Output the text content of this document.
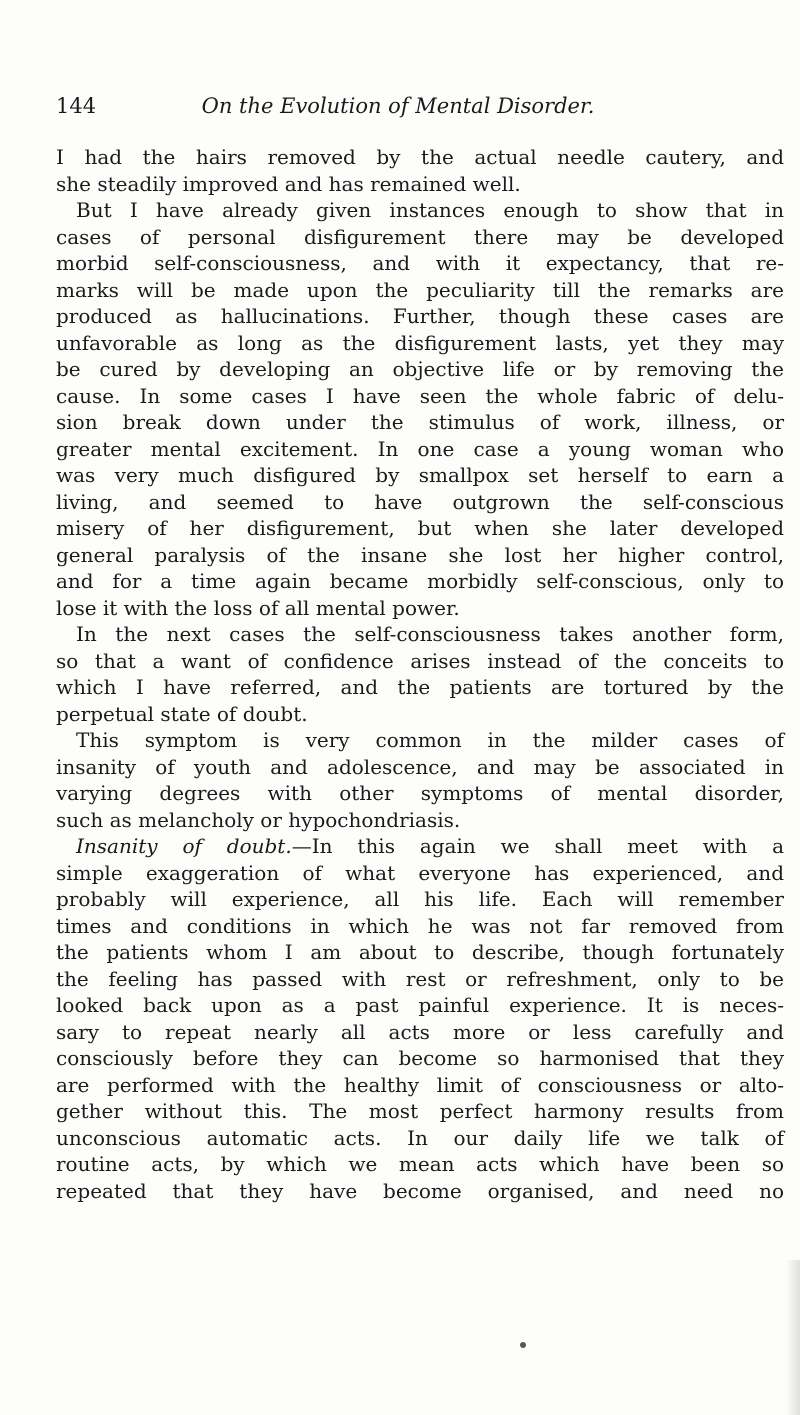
144	On the Evolution of Mental Disorder.
I had the hairs removed by the actual needle cautery, and
she steadily improved and has remained well.
But I have already given instances enough to show that in
cases of personal disfigurement there may be developed
morbid self-consciousness, and with it expectancy, that re-
marks will be made upon the peculiarity till the remarks are
produced as hallucinations. Further, though these cases are
unfavorable as long as the disfigurement lasts, yet they may
be cured by developing an objective life or by removing the
cause. In some cases I have seen the whole fabric of delu-
sion break down under the stimulus of work, illness, or
greater mental excitement. In one case a young woman who
was very much disfigured by smallpox set herself to earn a
living, and seemed to have outgrown the self-conscious
misery of her disfigurement, but when she later developed
general paralysis of the insane she lost her higher control,
and for a time again became morbidly self-conscious, only to
lose it with the loss of all mental power.
In the next cases the self-consciousness takes another form,
so that a want of confidence arises instead of the conceits to
which I have referred, and the patients are tortured by the
perpetual state of doubt.
This symptom is very common in the milder cases of
insanity of youth and adolescence, and may be associated in
varying degrees with other symptoms of mental disorder,
such as melancholy or hypochondriasis.
Insanity of doubt.—In this again we shall meet with a
simple exaggeration of what everyone has experienced, and
probably will experience, all his life. Each will remember
times and conditions in which he was not far removed from
the patients whom I am about to describe, though fortunately
the feeling has passed with rest or refreshment, only to be
looked back upon as a past painful experience. It is neces-
sary to repeat nearly all acts more or less carefully and
consciously before they can become so harmonised that they
are performed with the healthy limit of consciousness or alto-
gether without this. The most perfect harmony results from
unconscious automatic acts. In our daily life we talk of
routine acts, by which we mean acts which have been so
repeated that they have become organised, and need no
